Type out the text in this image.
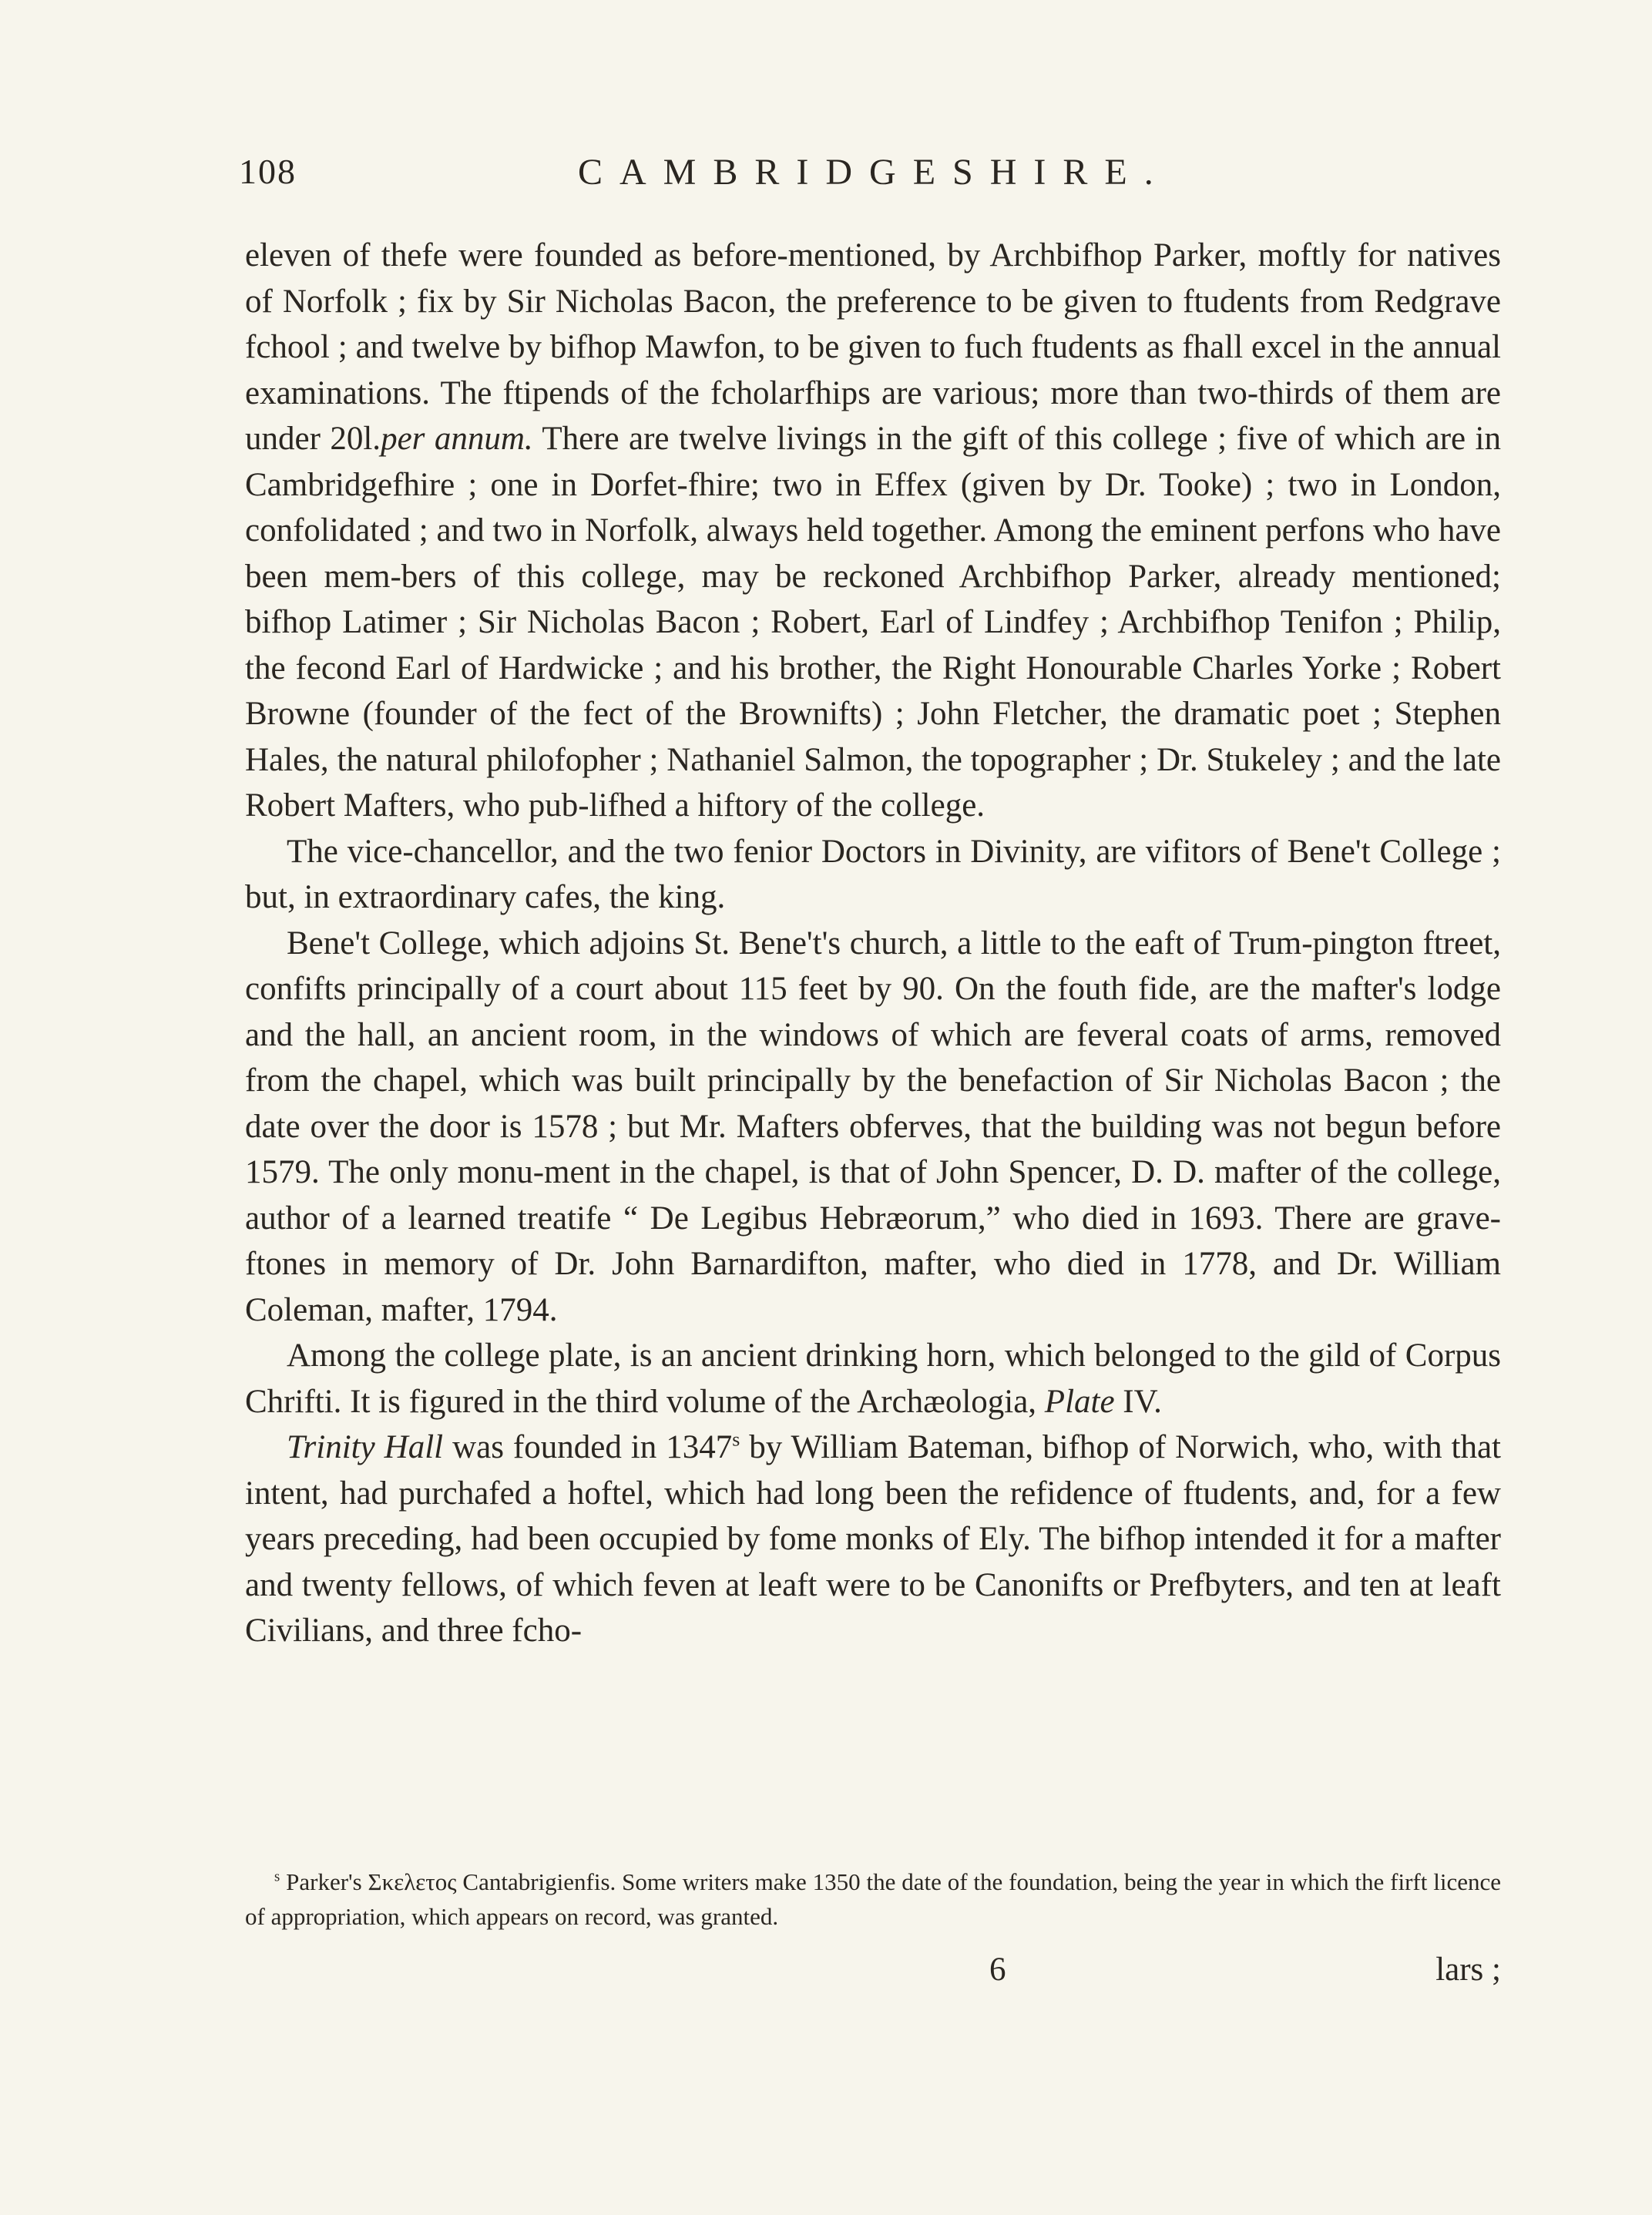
108	CAMBRIDGESHIRE.

eleven of thefe were founded as before-mentioned, by Archbifhop Parker, moftly for natives of Norfolk ; fix by Sir Nicholas Bacon, the preference to be given to ftudents from Redgrave fchool ; and twelve by bifhop Mawfon, to be given to fuch ftudents as fhall excel in the annual examinations. The ftipends of the fcholarfhips are various; more than two-thirds of them are under 20l.per annum. There are twelve livings in the gift of this college ; five of which are in Cambridgefhire ; one in Dorfet-fhire; two in Effex (given by Dr. Tooke) ; two in London, confolidated ; and two in Norfolk, always held together. Among the eminent perfons who have been mem-bers of this college, may be reckoned Archbifhop Parker, already mentioned; bifhop Latimer ; Sir Nicholas Bacon ; Robert, Earl of Lindfey ; Archbifhop Tenifon ; Philip, the fecond Earl of Hardwicke ; and his brother, the Right Honourable Charles Yorke ; Robert Browne (founder of the fect of the Brownifts) ; John Fletcher, the dramatic poet ; Stephen Hales, the natural philofopher ; Nathaniel Salmon, the topographer ; Dr. Stukeley ; and the late Robert Mafters, who pub-lifhed a hiftory of the college.

The vice-chancellor, and the two fenior Doctors in Divinity, are vifitors of Bene't College ; but, in extraordinary cafes, the king.

Bene't College, which adjoins St. Bene't's church, a little to the eaft of Trum-pington ftreet, confifts principally of a court about 115 feet by 90. On the fouth fide, are the mafter's lodge and the hall, an ancient room, in the windows of which are feveral coats of arms, removed from the chapel, which was built principally by the benefaction of Sir Nicholas Bacon ; the date over the door is 1578 ; but Mr. Mafters obferves, that the building was not begun before 1579. The only monu-ment in the chapel, is that of John Spencer, D. D. mafter of the college, author of a learned treatife “ De Legibus Hebræorum,” who died in 1693. There are grave-ftones in memory of Dr. John Barnardifton, mafter, who died in 1778, and Dr. William Coleman, mafter, 1794.

Among the college plate, is an ancient drinking horn, which belonged to the gild of Corpus Chrifti. It is figured in the third volume of the Archæologia, Plate IV.

Trinity Hall was founded in 1347$^s$ by William Bateman, bifhop of Norwich, who, with that intent, had purchafed a hoftel, which had long been the refidence of ftudents, and, for a few years preceding, had been occupied by fome monks of Ely. The bifhop intended it for a mafter and twenty fellows, of which feven at leaft were to be Canonifts or Prefbyters, and ten at leaft Civilians, and three fcho-

$^s$ Parker's Σκελετος Cantabrigienfis. Some writers make 1350 the date of the foundation, being the year in which the firft licence of appropriation, which appears on record, was granted.
6	lars ;
